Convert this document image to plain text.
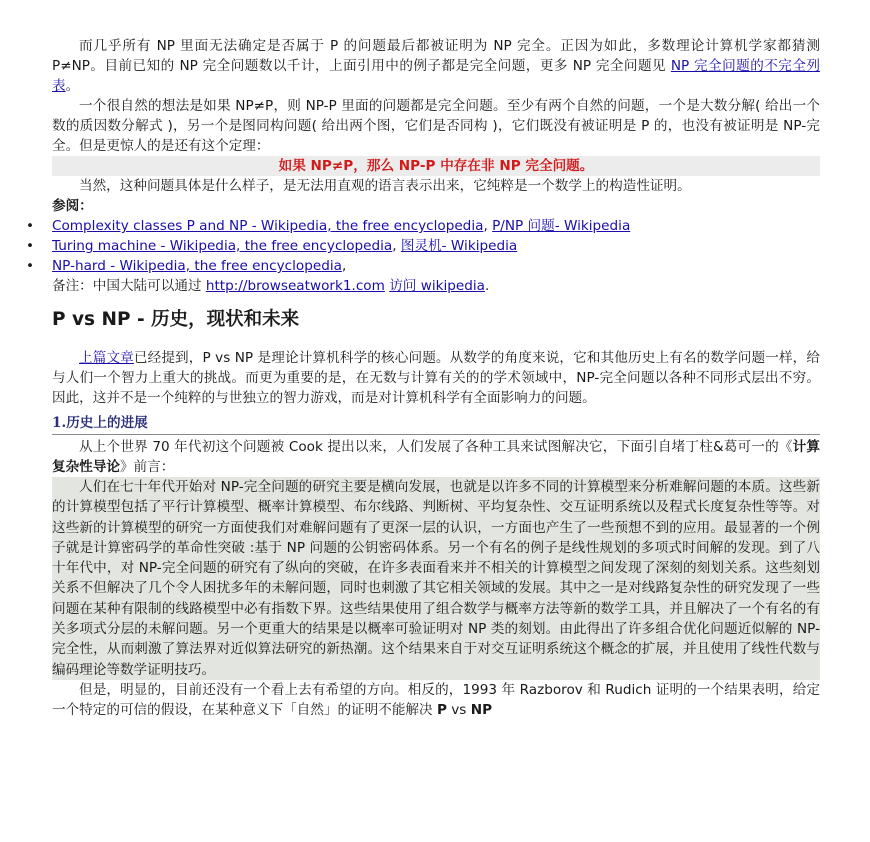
而几乎所有 NP 里面无法确定是否属于 P 的问题最后都被证明为 NP 完全。正因为如此，多数理论计算机学家都猜测 P≠NP。目前已知的 NP 完全问题数以千计，上面引用中的例子都是完全问题，更多 NP 完全问题见 NP 完全问题的不完全列表。

一个很自然的想法是如果 NP≠P，则 NP-P 里面的问题都是完全问题。至少有两个自然的问题，一个是大数分解( 给出一个数的质因数分解式 )，另一个是图同构问题( 给出两个图，它们是否同构 )，它们既没有被证明是 P 的，也没有被证明是 NP-完全。但是更惊人的是还有这个定理：

如果 NP≠P，那么 NP-P 中存在非 NP 完全问题。

当然，这种问题具体是什么样子，是无法用直观的语言表示出来，它纯粹是一个数学上的构造性证明。

参阅：

• Complexity classes P and NP - Wikipedia, the free encyclopedia, P/NP 问题- Wikipedia
• Turing machine - Wikipedia, the free encyclopedia, 图灵机- Wikipedia
• NP-hard - Wikipedia, the free encyclopedia,

备注：中国大陆可以通过 http://browseatwork1.com 访问 wikipedia.

P vs NP - 历史，现状和未来

上篇文章已经提到，P vs NP 是理论计算机科学的核心问题。从数学的角度来说，它和其他历史上有名的数学问题一样，给与人们一个智力上重大的挑战。而更为重要的是，在无数与计算有关的的学术领域中，NP-完全问题以各种不同形式层出不穷。因此，这并不是一个纯粹的与世独立的智力游戏，而是对计算机科学有全面影响力的问题。

1.历史上的进展

从上个世界 70 年代初这个问题被 Cook 提出以来，人们发展了各种工具来试图解决它，下面引自堵丁柱&葛可一的《计算复杂性导论》前言：

人们在七十年代开始对 NP-完全问题的研究主要是横向发展，也就是以许多不同的计算模型来分析难解问题的本质。这些新的计算模型包括了平行计算模型、概率计算模型、布尔线路、判断树、平均复杂性、交互证明系统以及程式长度复杂性等等。对这些新的计算模型的研究一方面使我们对难解问题有了更深一层的认识，一方面也产生了一些预想不到的应用。最显著的一个例子就是计算密码学的革命性突破 :基于 NP 问题的公钥密码体系。另一个有名的例子是线性规划的多项式时间解的发现。到了八十年代中，对 NP-完全问题的研究有了纵向的突破，在许多表面看来并不相关的计算模型之间发现了深刻的刻划关系。这些刻划关系不但解决了几个令人困扰多年的未解问题，同时也刺激了其它相关领域的发展。其中之一是对线路复杂性的研究发现了一些问题在某种有限制的线路模型中必有指数下界。这些结果使用了组合数学与概率方法等新的数学工具，并且解决了一个有名的有关多项式分层的未解问题。另一个更重大的结果是以概率可验证明对 NP 类的刻划。由此得出了许多组合优化问题近似解的 NP-完全性，从而刺激了算法界对近似算法研究的新热潮。这个结果来自于对交互证明系统这个概念的扩展，并且使用了线性代数与编码理论等数学证明技巧。

但是，明显的，目前还没有一个看上去有希望的方向。相反的，1993 年 Razborov 和 Rudich 证明的一个结果表明，给定一个特定的可信的假设，在某种意义下「自然」的证明不能解决 P vs NP
